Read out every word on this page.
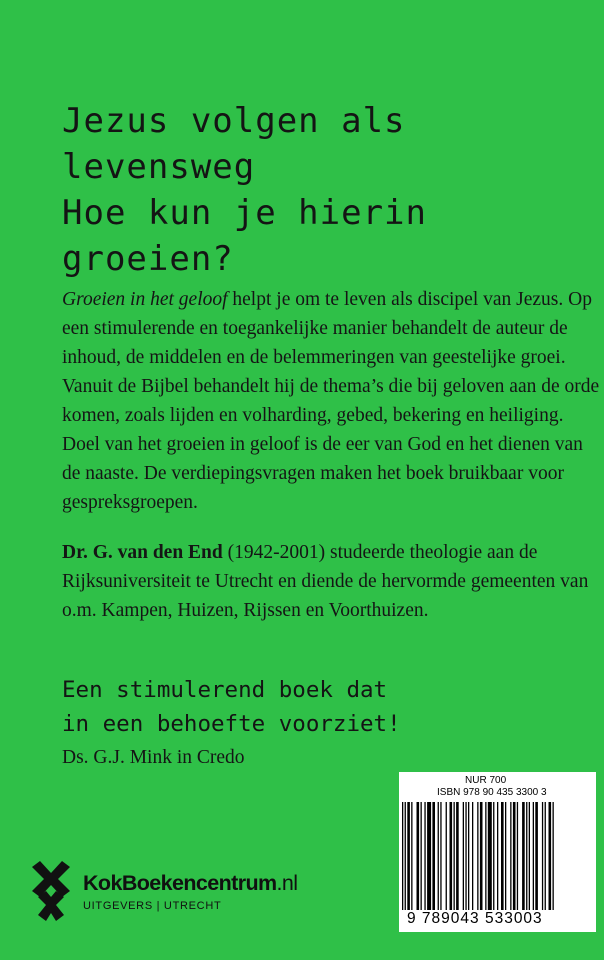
Jezus volgen als
levensweg
Hoe kun je hierin
groeien?

Groeien in het geloof helpt je om te leven als discipel van Jezus. Op een stimulerende en toegankelijke manier behandelt de auteur de inhoud, de middelen en de belemmeringen van geestelijke groei. Vanuit de Bijbel behandelt hij de thema’s die bij geloven aan de orde komen, zoals lijden en volharding, gebed, bekering en heiliging. Doel van het groeien in geloof is de eer van God en het dienen van de naaste. De verdiepingsvragen maken het boek bruikbaar voor gespreksgroepen.

Dr. G. van den End (1942-2001) studeerde theologie aan de Rijksuniversiteit te Utrecht en diende de hervormde gemeenten van o.m. Kampen, Huizen, Rijssen en Voorthuizen.

Een stimulerend boek dat
in een behoefte voorziet!

Ds. G.J. Mink in Credo

NUR 700
ISBN 978 90 435 3300 3
9 789043 533003
KokBoekencentrum.nl
UITGEVERS | UTRECHT
